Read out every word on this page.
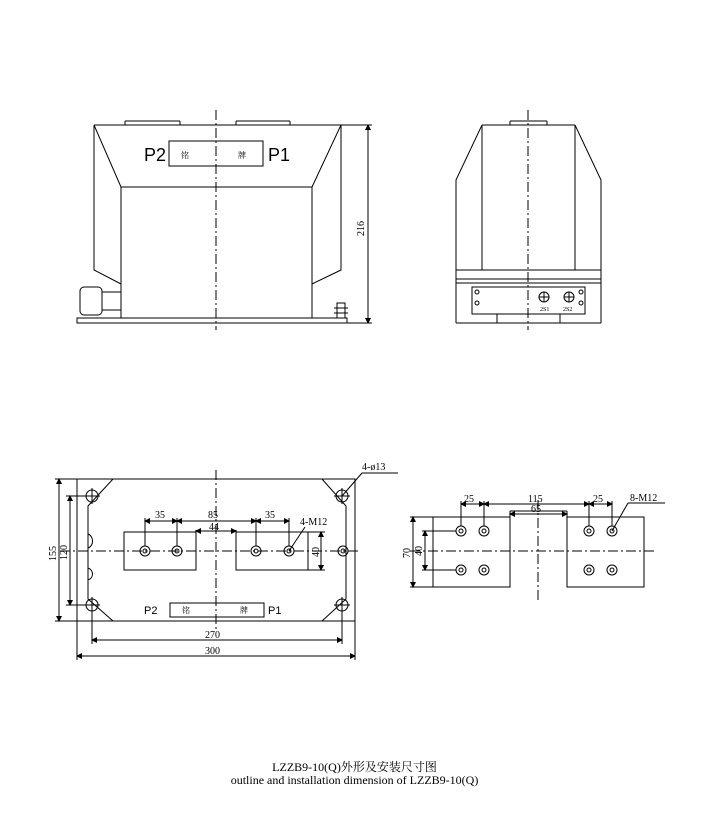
P2	P1
铭	牌
216
2S1 2S2
4-ø13
4-M12
35	85
44
35
40
155 120
270
300
P2	P1
铭	牌
25	115
65
25	8-M12
70 40
LZZB9-10(Q)外形及安装尺寸图
outline and installation dimension of LZZB9-10(Q)
